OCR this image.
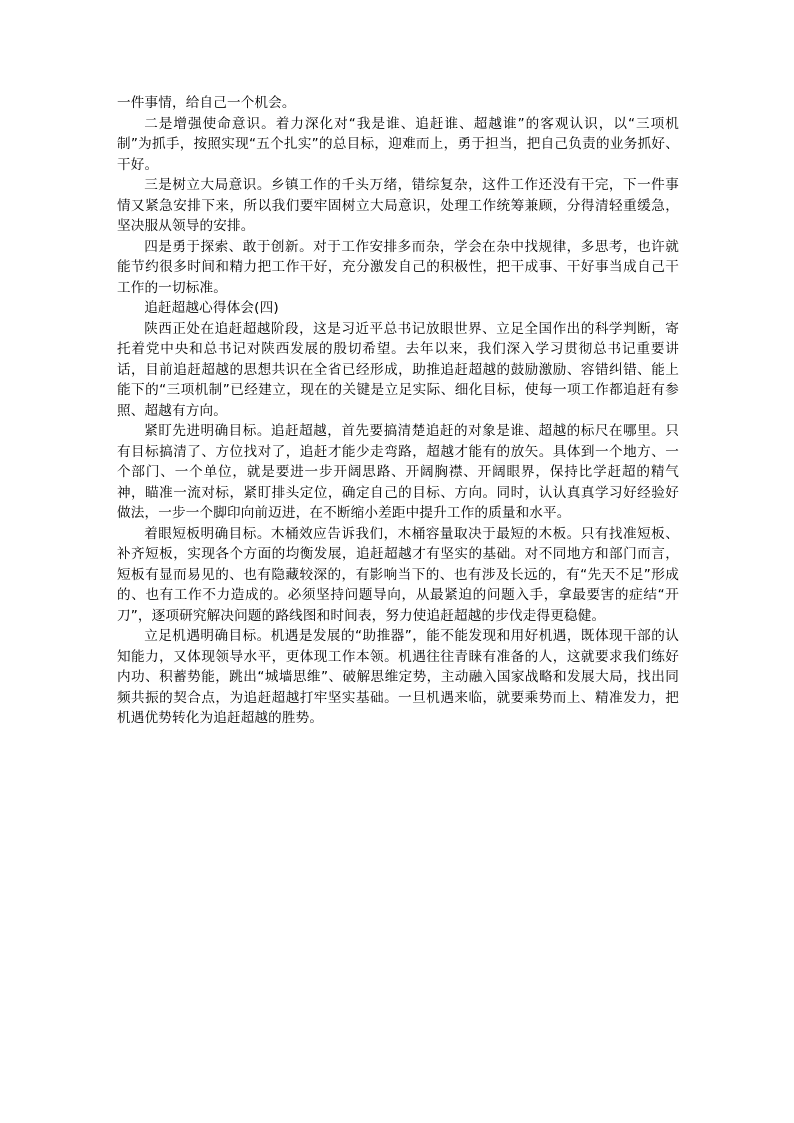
一件事情，给自己一个机会。

二是增强使命意识。着力深化对“我是谁、追赶谁、超越谁”的客观认识，以“三项机制”为抓手，按照实现“五个扎实”的总目标，迎难而上，勇于担当，把自己负责的业务抓好、干好。

三是树立大局意识。乡镇工作的千头万绪，错综复杂，这件工作还没有干完，下一件事情又紧急安排下来，所以我们要牢固树立大局意识，处理工作统筹兼顾，分得清轻重缓急，坚决服从领导的安排。

四是勇于探索、敢于创新。对于工作安排多而杂，学会在杂中找规律，多思考，也许就能节约很多时间和精力把工作干好，充分激发自己的积极性，把干成事、干好事当成自己干工作的一切标准。

追赶超越心得体会(四)

陕西正处在追赶超越阶段，这是习近平总书记放眼世界、立足全国作出的科学判断，寄托着党中央和总书记对陕西发展的殷切希望。去年以来，我们深入学习贯彻总书记重要讲话，目前追赶超越的思想共识在全省已经形成，助推追赶超越的鼓励激励、容错纠错、能上能下的“三项机制”已经建立，现在的关键是立足实际、细化目标，使每一项工作都追赶有参照、超越有方向。

紧盯先进明确目标。追赶超越，首先要搞清楚追赶的对象是谁、超越的标尺在哪里。只有目标搞清了、方位找对了，追赶才能少走弯路，超越才能有的放矢。具体到一个地方、一个部门、一个单位，就是要进一步开阔思路、开阔胸襟、开阔眼界，保持比学赶超的精气神，瞄准一流对标，紧盯排头定位，确定自己的目标、方向。同时，认认真真学习好经验好做法，一步一个脚印向前迈进，在不断缩小差距中提升工作的质量和水平。

着眼短板明确目标。木桶效应告诉我们，木桶容量取决于最短的木板。只有找准短板、补齐短板，实现各个方面的均衡发展，追赶超越才有坚实的基础。对不同地方和部门而言，短板有显而易见的、也有隐藏较深的，有影响当下的、也有涉及长远的，有“先天不足”形成的、也有工作不力造成的。必须坚持问题导向，从最紧迫的问题入手，拿最要害的症结“开刀”，逐项研究解决问题的路线图和时间表，努力使追赶超越的步伐走得更稳健。

立足机遇明确目标。机遇是发展的“助推器”，能不能发现和用好机遇，既体现干部的认知能力，又体现领导水平，更体现工作本领。机遇往往青睐有准备的人，这就要求我们练好内功、积蓄势能，跳出“城墙思维”、破解思维定势，主动融入国家战略和发展大局，找出同频共振的契合点，为追赶超越打牢坚实基础。一旦机遇来临，就要乘势而上、精准发力，把机遇优势转化为追赶超越的胜势。
